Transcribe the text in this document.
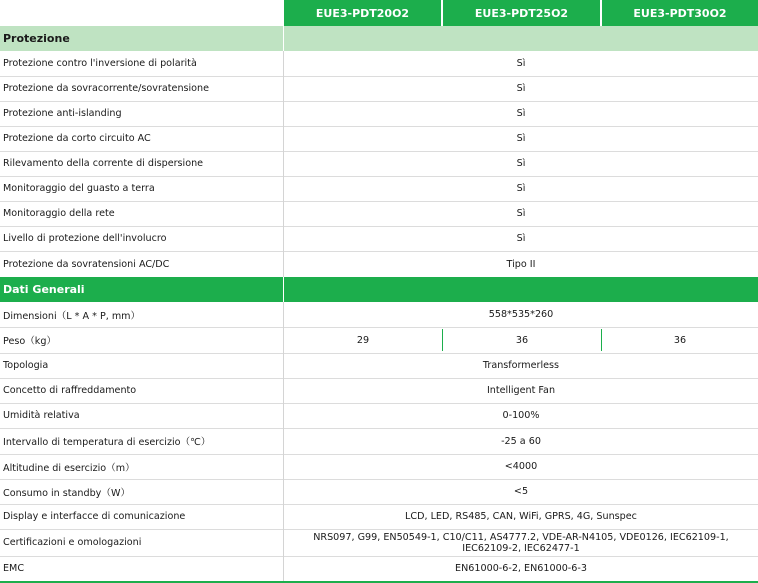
EUE3-PDT20O2	EUE3-PDT25O2	EUE3-PDT30O2
Protezione
Protezione contro l'inversione di polarità	Sì
Protezione da sovracorrente/sovratensione	Sì
Protezione anti-islanding	Sì
Protezione da corto circuito AC	Sì
Rilevamento della corrente di dispersione	Sì
Monitoraggio del guasto a terra	Sì
Monitoraggio della rete	Sì
Livello di protezione dell'involucro	Sì
Protezione da sovratensioni AC/DC	Tipo II
Dati Generali
Dimensioni（L * A * P, mm）	558*535*260
Peso（kg）	29	36	36
Topologia	Transformerless
Concetto di raffreddamento	Intelligent Fan
Umidità relativa	0-100%
Intervallo di temperatura di esercizio（℃）	-25 a 60
Altitudine di esercizio（m）	<4000
Consumo in standby（W）	<5
Display e interfacce di comunicazione	LCD, LED, RS485, CAN, WiFi, GPRS, 4G, Sunspec
Certificazioni e omologazioni	NRS097, G99, EN50549-1, C10/C11, AS4777.2, VDE-AR-N4105, VDE0126, IEC62109-1, IEC62109-2, IEC62477-1
EMC	EN61000-6-2, EN61000-6-3
